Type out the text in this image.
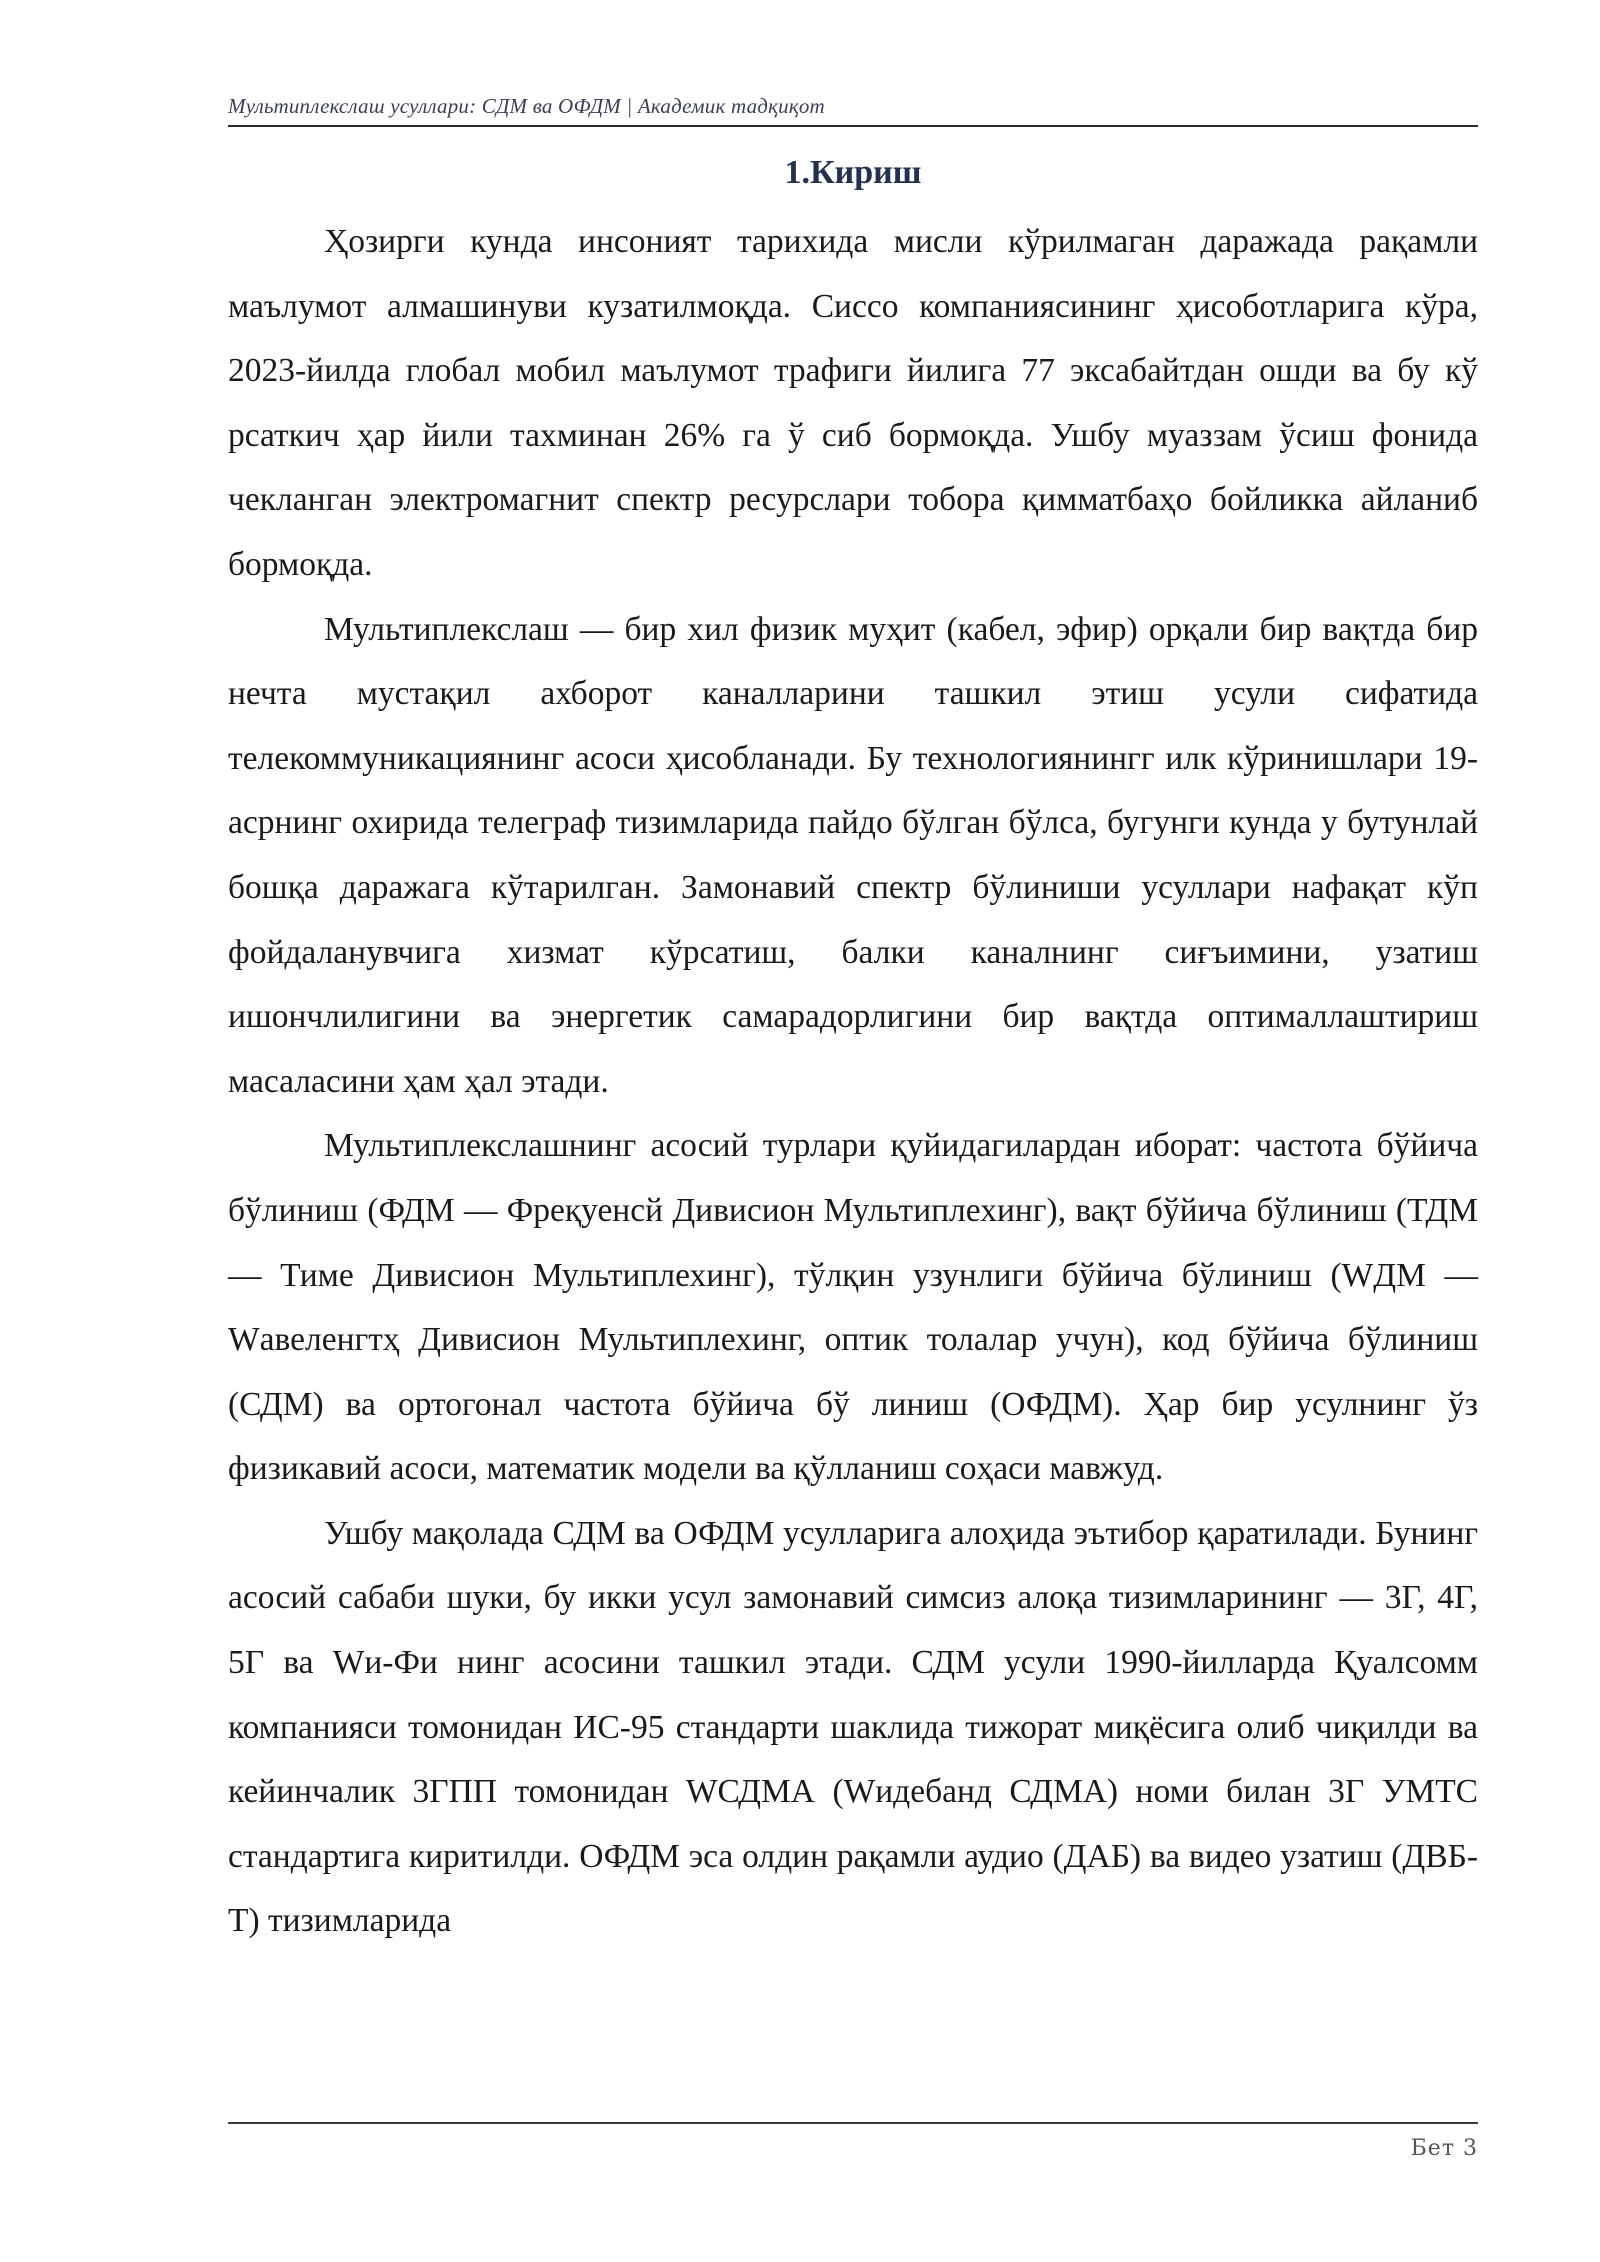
Мультиплекслаш усуллари: СДМ ва ОФДМ | Академик тадқиқот
1.Кириш

Ҳозирги кунда инсоният тарихида мисли кўрилмаган даражада рақамли маълумот алмашинуви кузатилмоқда. Сиссо компаниясининг ҳисоботларига кўра, 2023-йилда глобал мобил маълумот трафиги йилига 77 эксабайтдан ошди ва бу кў рсаткич ҳар йили тахминан 26% га ў сиб бормоқда. Ушбу муаззам ўсиш фонида чекланган электромагнит спектр ресурслари тобора қимматбаҳо бойликка айланиб бормоқда.

Мультиплекслаш — бир хил физик муҳит (кабел, эфир) орқали бир вақтда бир нечта мустақил ахборот каналларини ташкил этиш усули сифатида телекоммуникациянинг асоси ҳисобланади. Бу технологиянингг илк кўринишлари 19-асрнинг охирида телеграф тизимларида пайдо бўлган бўлса, бугунги кунда у бутунлай бошқа даражага кўтарилган. Замонавий спектр бўлиниши усуллари нафақат кўп фойдаланувчига хизмат кўрсатиш, балки каналнинг сиғъимини, узатиш ишончлилигини ва энергетик самарадорлигини бир вақтда оптималлаштириш масаласини ҳам ҳал этади.

Мультиплекслашнинг асосий турлари қуйидагилардан иборат: частота бўйича бўлиниш (ФДМ — Фреқуенсй Дивисион Мультиплехинг), вақт бўйича бўлиниш (ТДМ — Тиме Дивисион Мультиплехинг), тўлқин узунлиги бўйича бўлиниш (WДМ — Wавеленгтҳ Дивисион Мультиплехинг, оптик толалар учун), код бўйича бўлиниш (СДМ) ва ортогонал частота бўйича бў линиш (ОФДМ). Ҳар бир усулнинг ўз физикавий асоси, математик модели ва қўлланиш соҳаси мавжуд.

Ушбу мақолада СДМ ва ОФДМ усулларига алоҳида эътибор қаратилади. Бунинг асосий сабаби шуки, бу икки усул замонавий симсиз алоқа тизимларининг — 3Г, 4Г, 5Г ва Wи-Фи нинг асосини ташкил этади. СДМ усули 1990-йилларда Қуалсомм компанияси томонидан ИС-95 стандарти шаклида тижорат миқёсига олиб чиқилди ва кейинчалик 3ГПП томонидан WСДМА (Wидебанд СДМА) номи билан 3Г УМТС стандартига киритилди. ОФДМ эса олдин рақамли аудио (ДАБ) ва видео узатиш (ДВБ-Т) тизимларида

Бет 3
